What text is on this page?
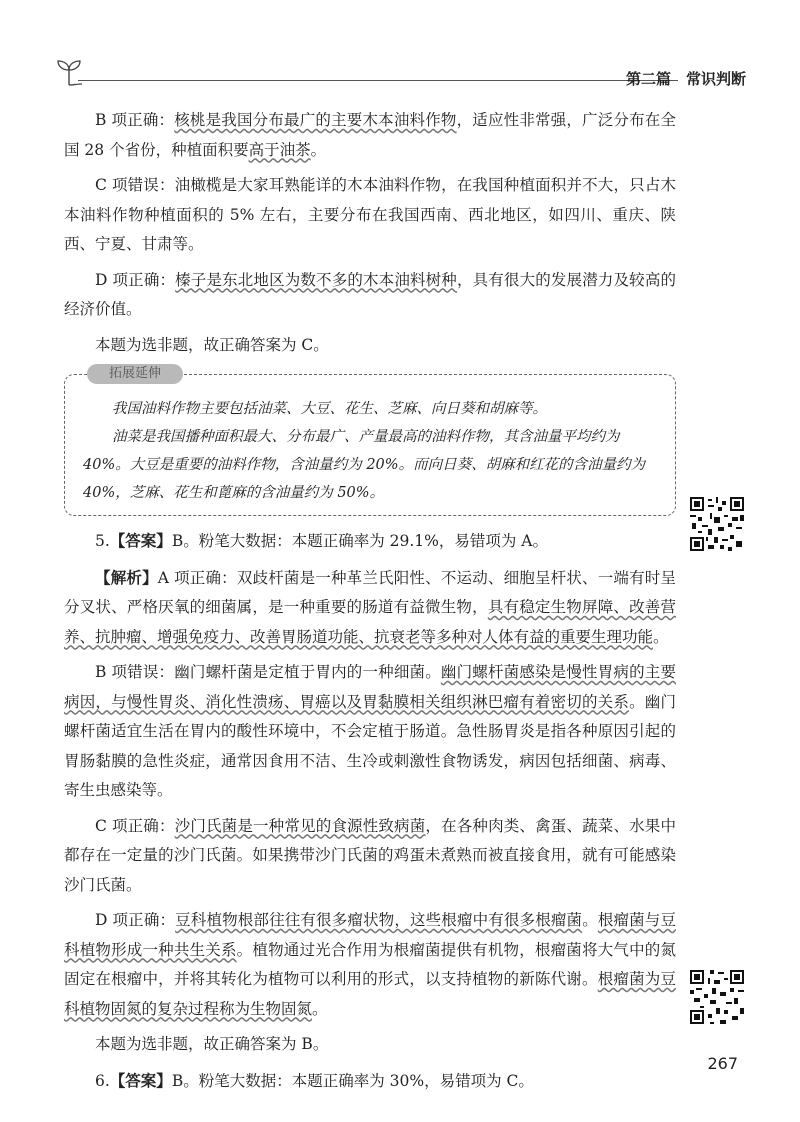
第二篇　常识判断

B 项正确：核桃是我国分布最广的主要木本油料作物，适应性非常强，广泛分布在全国 28 个省份，种植面积要高于油茶。

C 项错误：油橄榄是大家耳熟能详的木本油料作物，在我国种植面积并不大，只占木本油料作物种植面积的 5% 左右，主要分布在我国西南、西北地区，如四川、重庆、陕西、宁夏、甘肃等。

D 项正确：榛子是东北地区为数不多的木本油料树种，具有很大的发展潜力及较高的经济价值。

本题为选非题，故正确答案为 C。

拓展延伸

我国油料作物主要包括油菜、大豆、花生、芝麻、向日葵和胡麻等。

油菜是我国播种面积最大、分布最广、产量最高的油料作物，其含油量平均约为 40%。大豆是重要的油料作物，含油量约为 20%。而向日葵、胡麻和红花的含油量约为 40%，芝麻、花生和蓖麻的含油量约为 50%。

5.【答案】B。粉笔大数据：本题正确率为 29.1%，易错项为 A。

【解析】A 项正确：双歧杆菌是一种革兰氏阳性、不运动、细胞呈杆状、一端有时呈分叉状、严格厌氧的细菌属，是一种重要的肠道有益微生物，具有稳定生物屏障、改善营养、抗肿瘤、增强免疫力、改善胃肠道功能、抗衰老等多种对人体有益的重要生理功能。

B 项错误：幽门螺杆菌是定植于胃内的一种细菌。幽门螺杆菌感染是慢性胃病的主要病因，与慢性胃炎、消化性溃疡、胃癌以及胃黏膜相关组织淋巴瘤有着密切的关系。幽门螺杆菌适宜生活在胃内的酸性环境中，不会定植于肠道。急性肠胃炎是指各种原因引起的胃肠黏膜的急性炎症，通常因食用不洁、生冷或刺激性食物诱发，病因包括细菌、病毒、寄生虫感染等。

C 项正确：沙门氏菌是一种常见的食源性致病菌，在各种肉类、禽蛋、蔬菜、水果中都存在一定量的沙门氏菌。如果携带沙门氏菌的鸡蛋未煮熟而被直接食用，就有可能感染沙门氏菌。

D 项正确：豆科植物根部往往有很多瘤状物，这些根瘤中有很多根瘤菌。根瘤菌与豆科植物形成一种共生关系。植物通过光合作用为根瘤菌提供有机物，根瘤菌将大气中的氮固定在根瘤中，并将其转化为植物可以利用的形式，以支持植物的新陈代谢。根瘤菌为豆科植物固氮的复杂过程称为生物固氮。

本题为选非题，故正确答案为 B。

6.【答案】B。粉笔大数据：本题正确率为 30%，易错项为 C。

267
